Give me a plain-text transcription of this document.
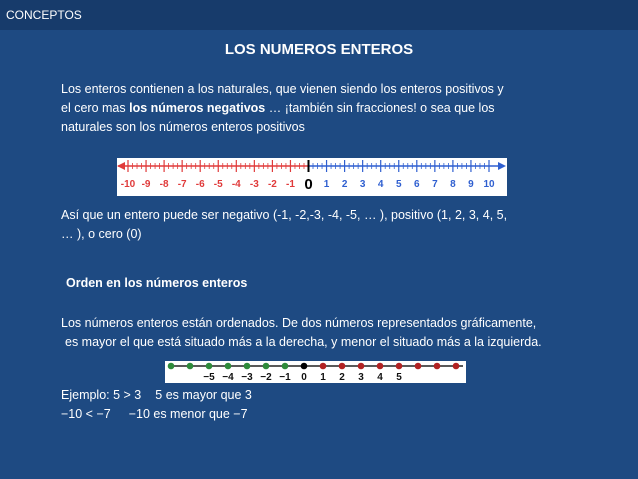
CONCEPTOS
LOS NUMEROS ENTEROS
Los enteros contienen a los naturales, que vienen siendo los enteros positivos y
el cero mas los números negativos … ¡también sin fracciones! o sea que los
naturales son los números enteros positivos
-10 -9 -8 -7 -6 -5 -4 -3 -2 -1 0 1 2 3 4 5 6 7 8 9 10
Así que un entero puede ser negativo (-1, -2,-3, -4, -5, … ), positivo (1, 2, 3, 4, 5,
… ), o cero (0)
Orden en los números enteros
Los números enteros están ordenados. De dos números representados gráficamente,
es mayor el que está situado más a la derecha, y menor el situado más a la izquierda.
−5 −4 −3 −2 −1 0 1 2 3 4 5
Ejemplo: 5 > 3 5 es mayor que 3
−10 < −7 −10 es menor que −7
